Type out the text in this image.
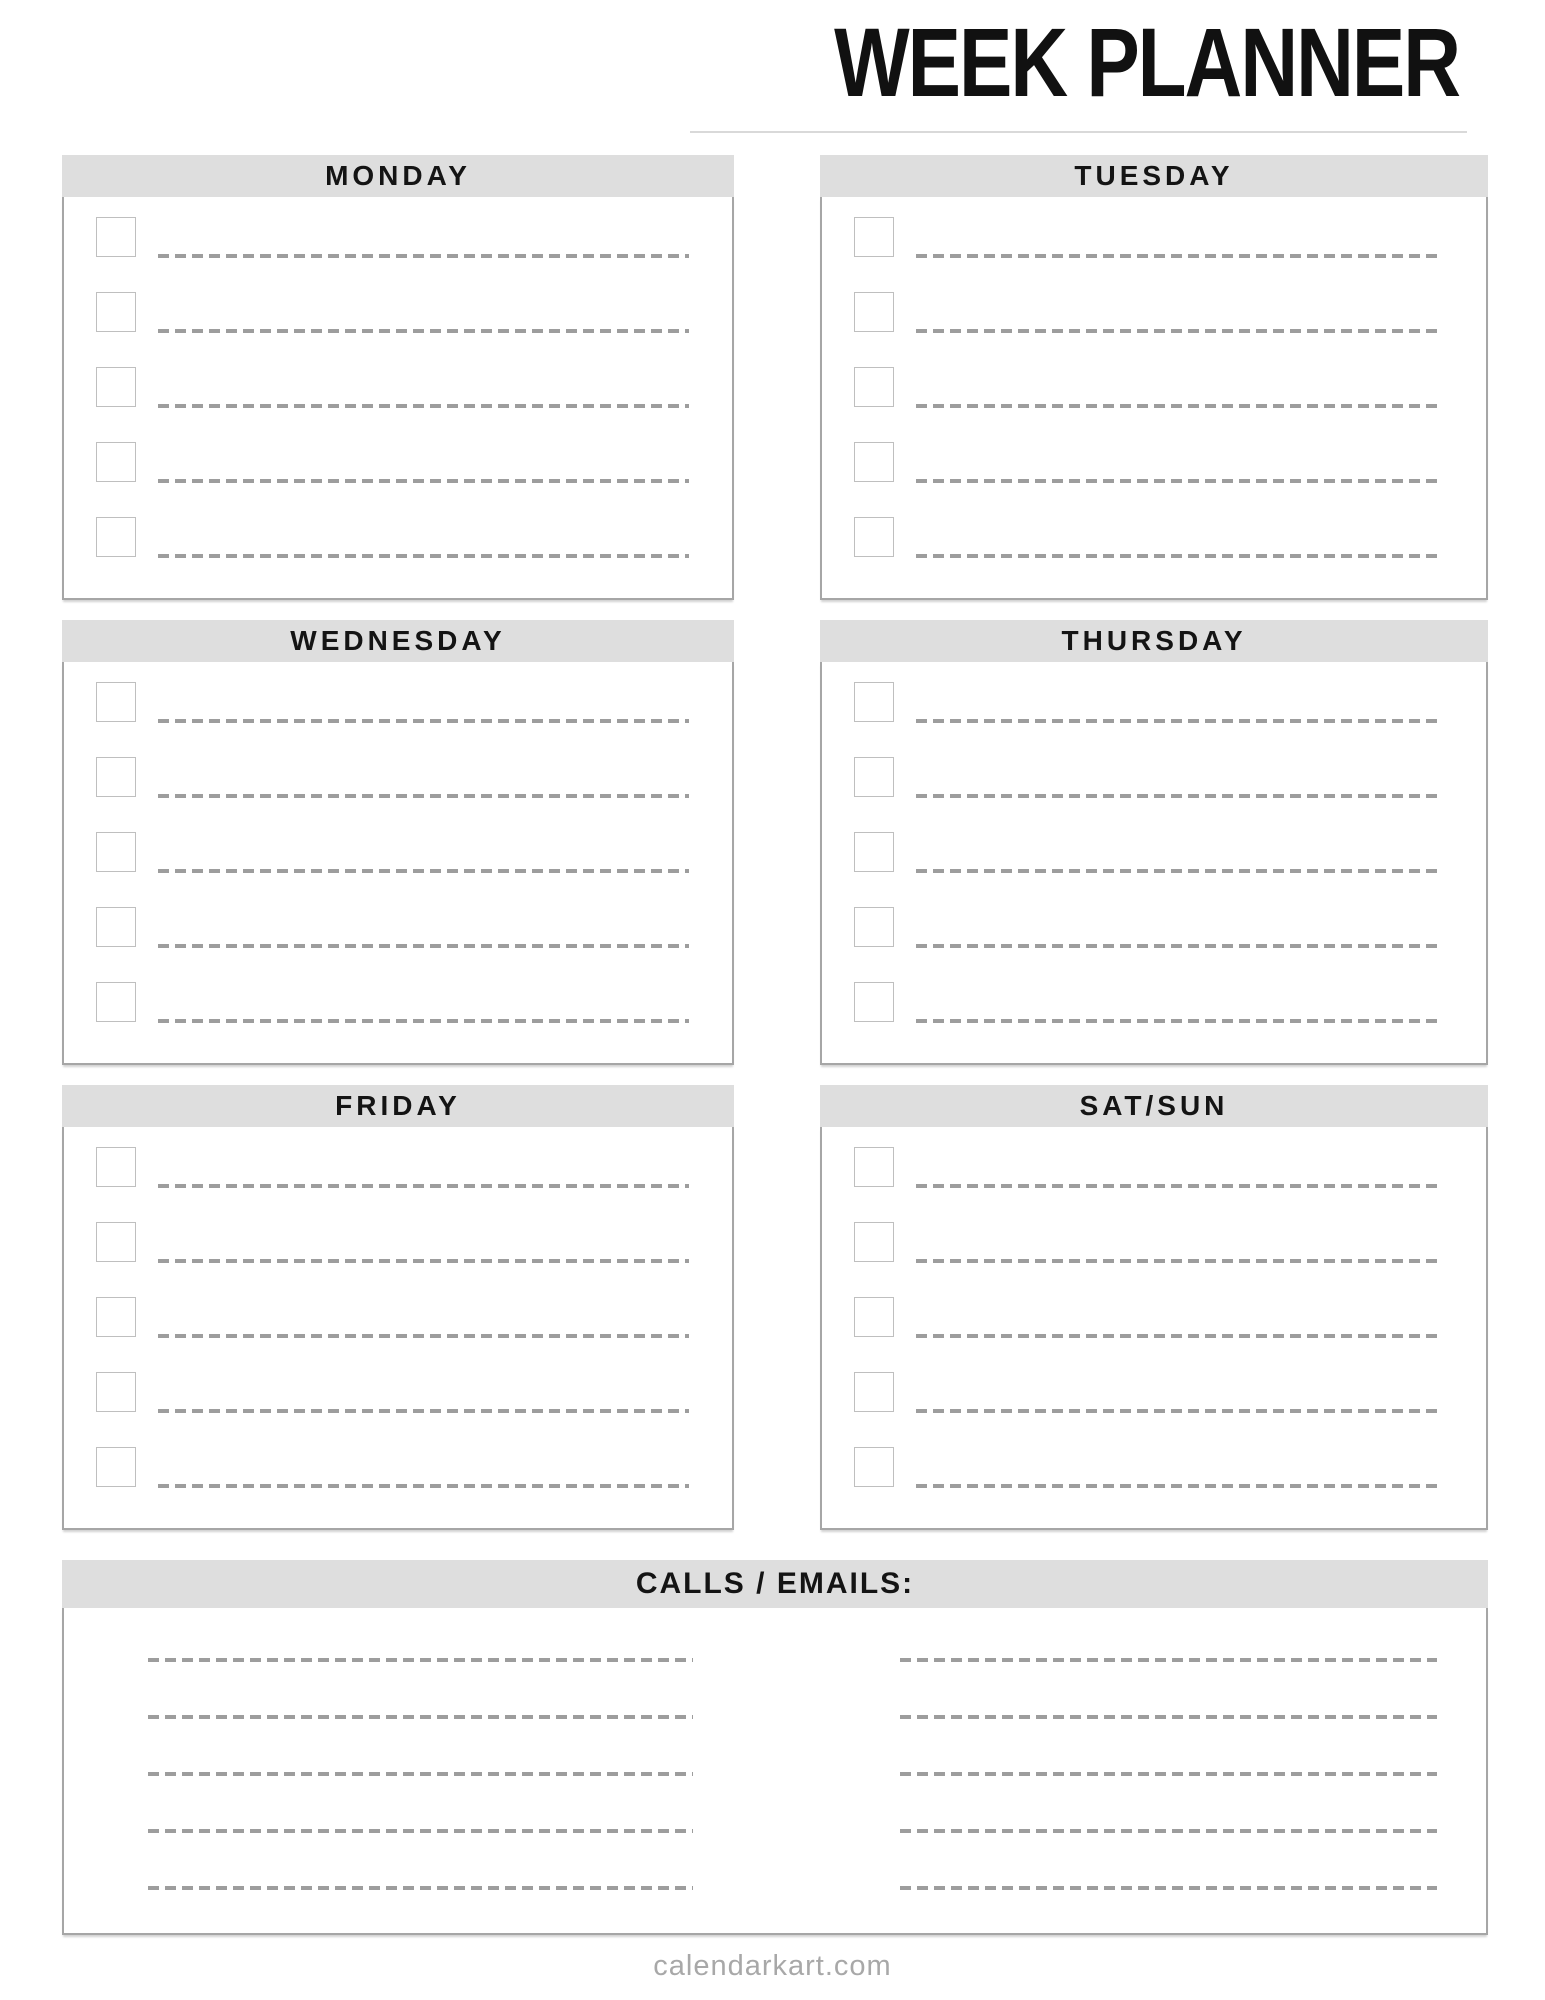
WEEK PLANNER
MONDAY	TUESDAY
WEDNESDAY	THURSDAY
FRIDAY	SAT/SUN
CALLS / EMAILS:
calendarkart.com
